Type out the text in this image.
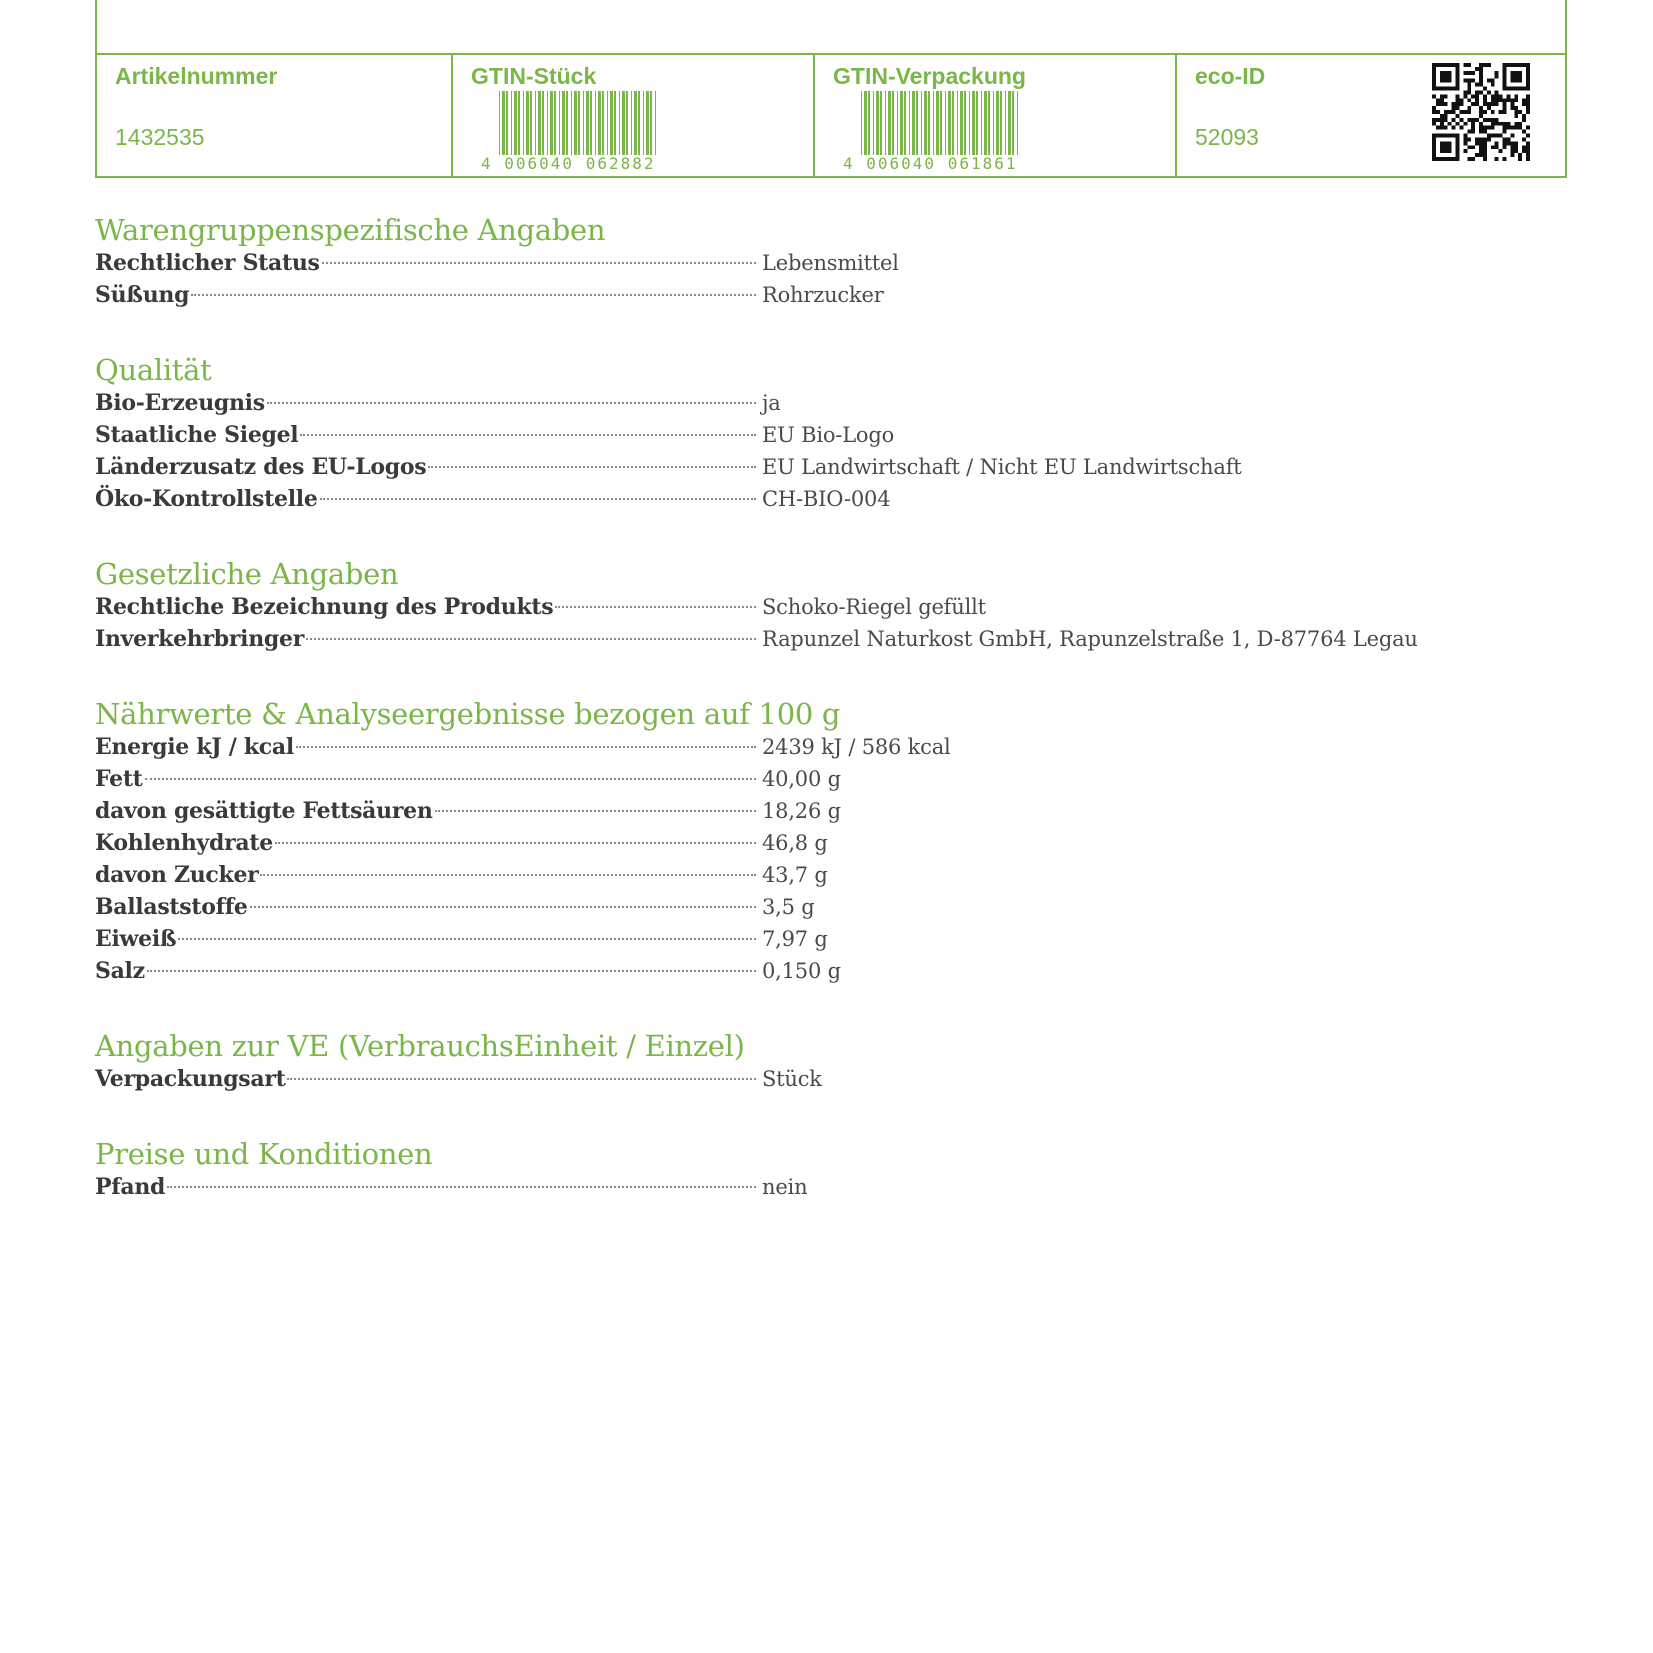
Artikelnummer
1432535
GTIN-Stück
4 006040 062882
GTIN-Verpackung
4 006040 061861
eco-ID
52093
Warengruppenspezifische Angaben
Rechtlicher Status	Lebensmittel
Süßung	Rohrzucker
Qualität
Bio-Erzeugnis	ja
Staatliche Siegel	EU Bio-Logo
Länderzusatz des EU-Logos	EU Landwirtschaft / Nicht EU Landwirtschaft
Öko-Kontrollstelle	CH-BIO-004
Gesetzliche Angaben
Rechtliche Bezeichnung des Produkts	Schoko-Riegel gefüllt
Inverkehrbringer	Rapunzel Naturkost GmbH, Rapunzelstraße 1, D-87764 Legau
Nährwerte & Analyseergebnisse bezogen auf 100 g
Energie kJ / kcal	2439 kJ / 586 kcal
Fett	40,00 g
davon gesättigte Fettsäuren	18,26 g
Kohlenhydrate	46,8 g
davon Zucker	43,7 g
Ballaststoffe	3,5 g
Eiweiß	7,97 g
Salz	0,150 g
Angaben zur VE (VerbrauchsEinheit / Einzel)
Verpackungsart	Stück
Preise und Konditionen
Pfand	nein
